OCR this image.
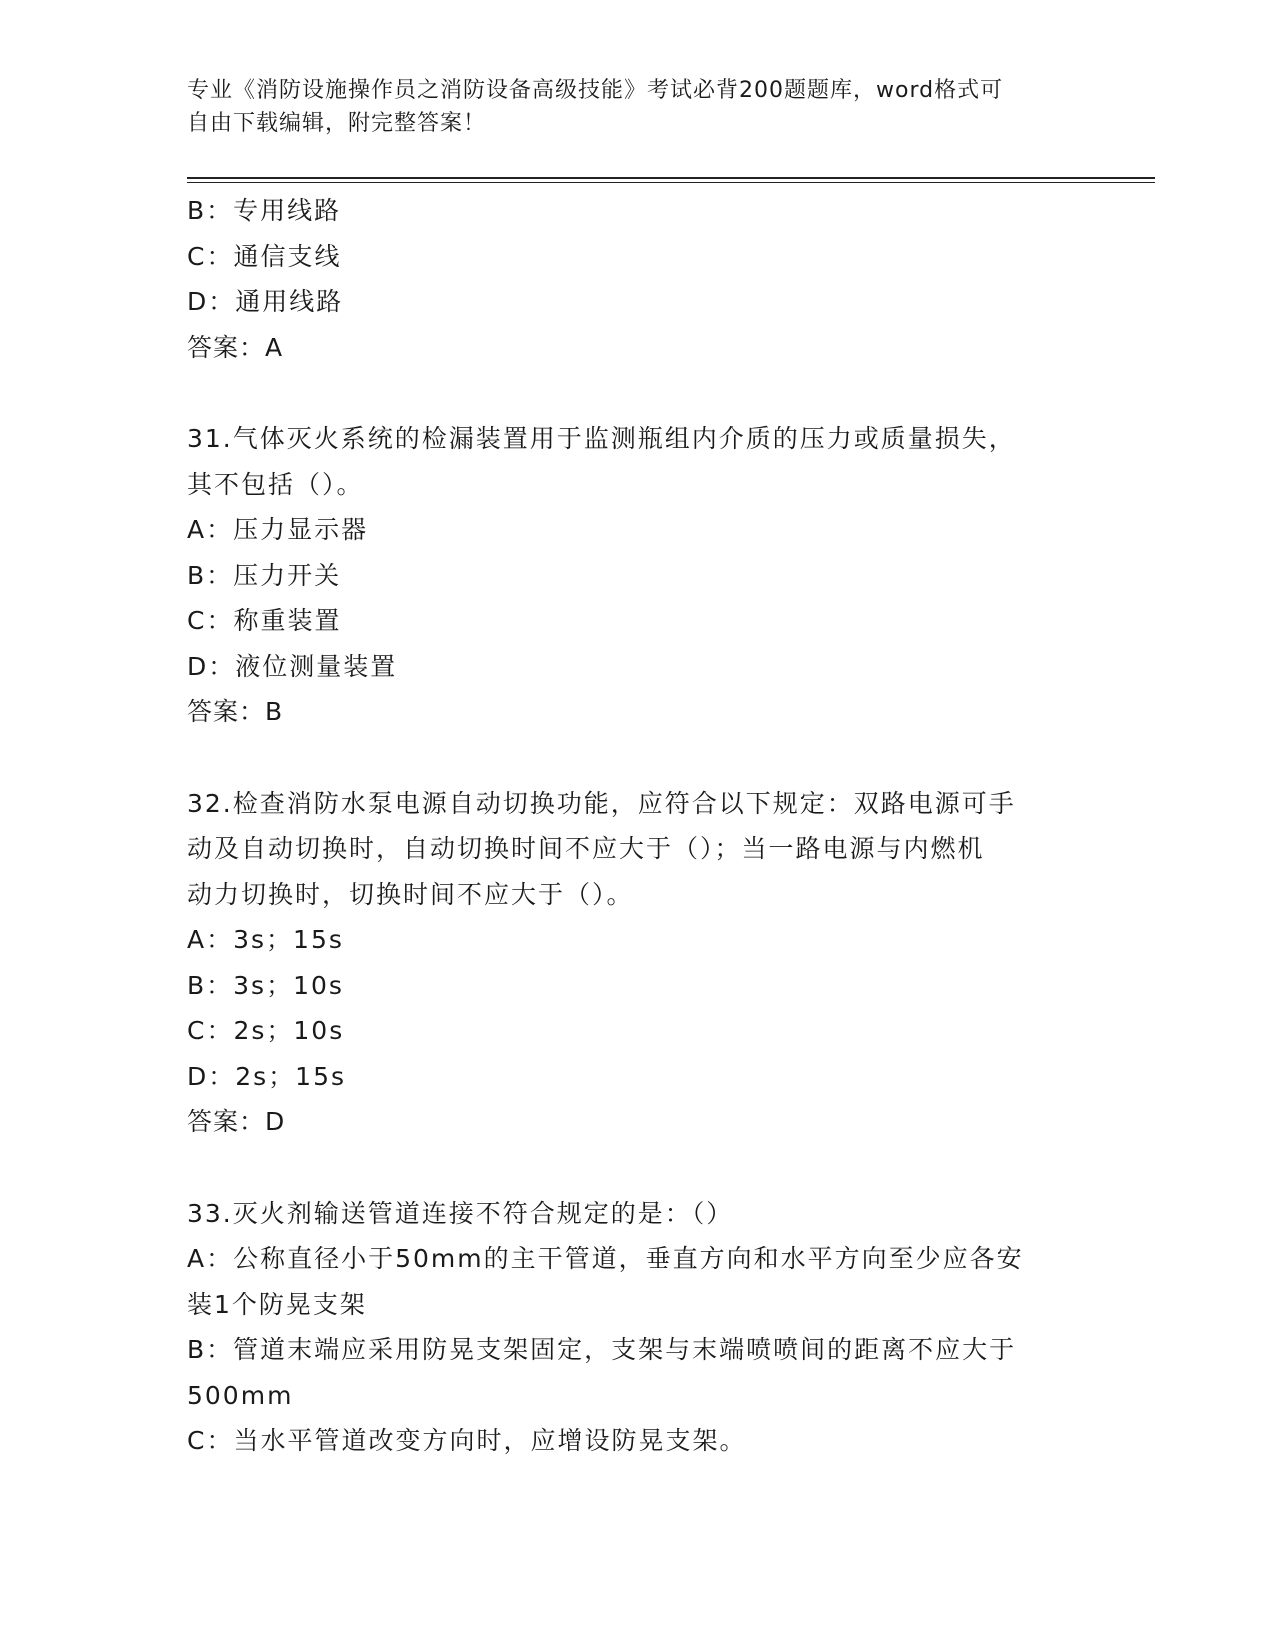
专业《消防设施操作员之消防设备高级技能》考试必背200题题库，word格式可
自由下载编辑，附完整答案！
B：专用线路
C：通信支线
D：通用线路
答案：A
31.气体灭火系统的检漏装置用于监测瓶组内介质的压力或质量损失，
其不包括（）。
A：压力显示器
B：压力开关
C：称重装置
D：液位测量装置
答案：B
32.检查消防水泵电源自动切换功能，应符合以下规定：双路电源可手
动及自动切换时，自动切换时间不应大于（）；当一路电源与内燃机
动力切换时，切换时间不应大于（）。
A：3s；15s
B：3s；10s
C：2s；10s
D：2s；15s
答案：D
33.灭火剂输送管道连接不符合规定的是：（）
A：公称直径小于50mm的主干管道，垂直方向和水平方向至少应各安
装1个防晃支架
B：管道末端应采用防晃支架固定，支架与末端喷喷间的距离不应大于
500mm
C：当水平管道改变方向时，应增设防晃支架。
